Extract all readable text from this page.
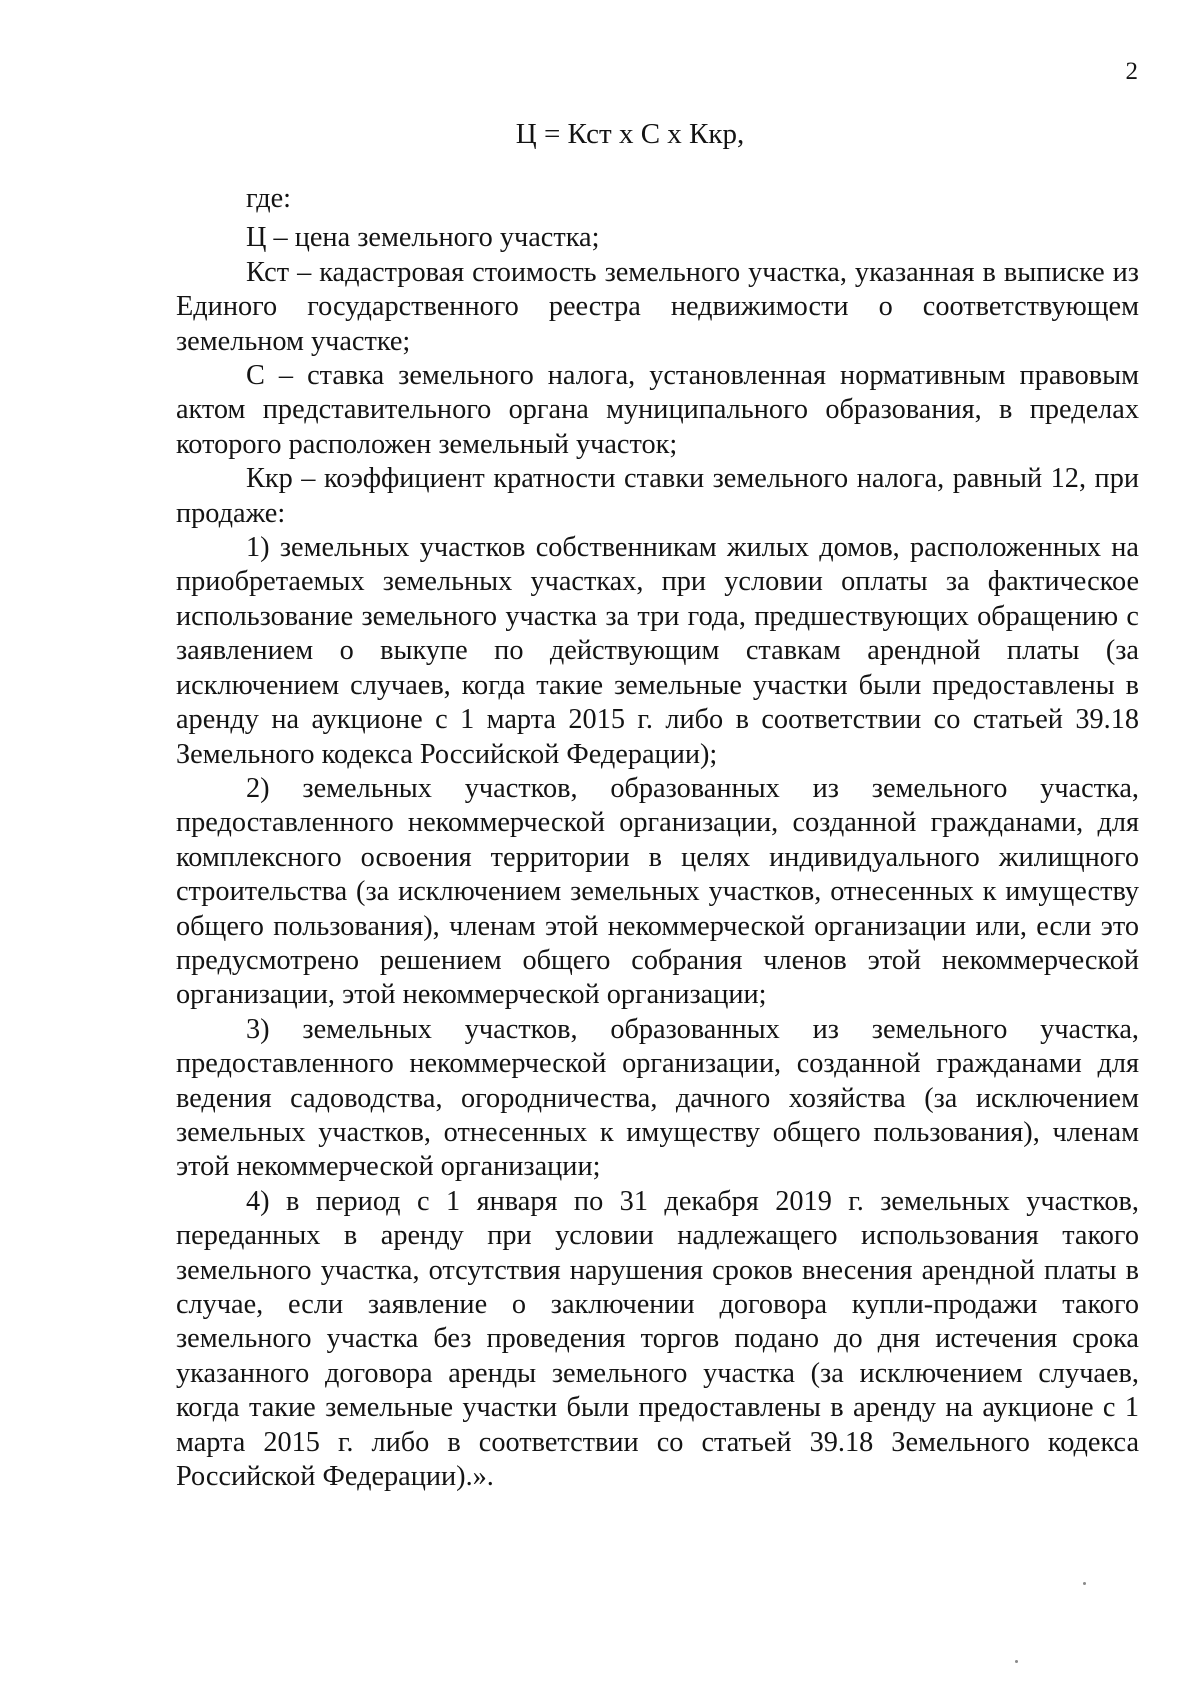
2
Ц = Кст х С х Ккр,

где:

Ц – цена земельного участка;

Кст – кадастровая стоимость земельного участка, указанная в выписке из Единого государственного реестра недвижимости о соответствующем земельном участке;

С – ставка земельного налога, установленная нормативным правовым актом представительного органа муниципального образования, в пределах которого расположен земельный участок;

Ккр – коэффициент кратности ставки земельного налога, равный 12, при продаже:

1) земельных участков собственникам жилых домов, расположенных на приобретаемых земельных участках, при условии оплаты за фактическое использование земельного участка за три года, предшествующих обращению с заявлением о выкупе по действующим ставкам арендной платы (за исключением случаев, когда такие земельные участки были предоставлены в аренду на аукционе с 1 марта 2015 г. либо в соответствии со статьей 39.18 Земельного кодекса Российской Федерации);

2) земельных участков, образованных из земельного участка, предоставленного некоммерческой организации, созданной гражданами, для комплексного освоения территории в целях индивидуального жилищного строительства (за исключением земельных участков, отнесенных к имуществу общего пользования), членам этой некоммерческой организации или, если это предусмотрено решением общего собрания членов этой некоммерческой организации, этой некоммерческой организации;

3) земельных участков, образованных из земельного участка, предоставленного некоммерческой организации, созданной гражданами для ведения садоводства, огородничества, дачного хозяйства (за исключением земельных участков, отнесенных к имуществу общего пользования), членам этой некоммерческой организации;

4) в период с 1 января по 31 декабря 2019 г. земельных участков, переданных в аренду при условии надлежащего использования такого земельного участка, отсутствия нарушения сроков внесения арендной платы в случае, если заявление о заключении договора купли-продажи такого земельного участка без проведения торгов подано до дня истечения срока указанного договора аренды земельного участка (за исключением случаев, когда такие земельные участки были предоставлены в аренду на аукционе с 1 марта 2015 г. либо в соответствии со статьей 39.18 Земельного кодекса Российской Федерации).».
